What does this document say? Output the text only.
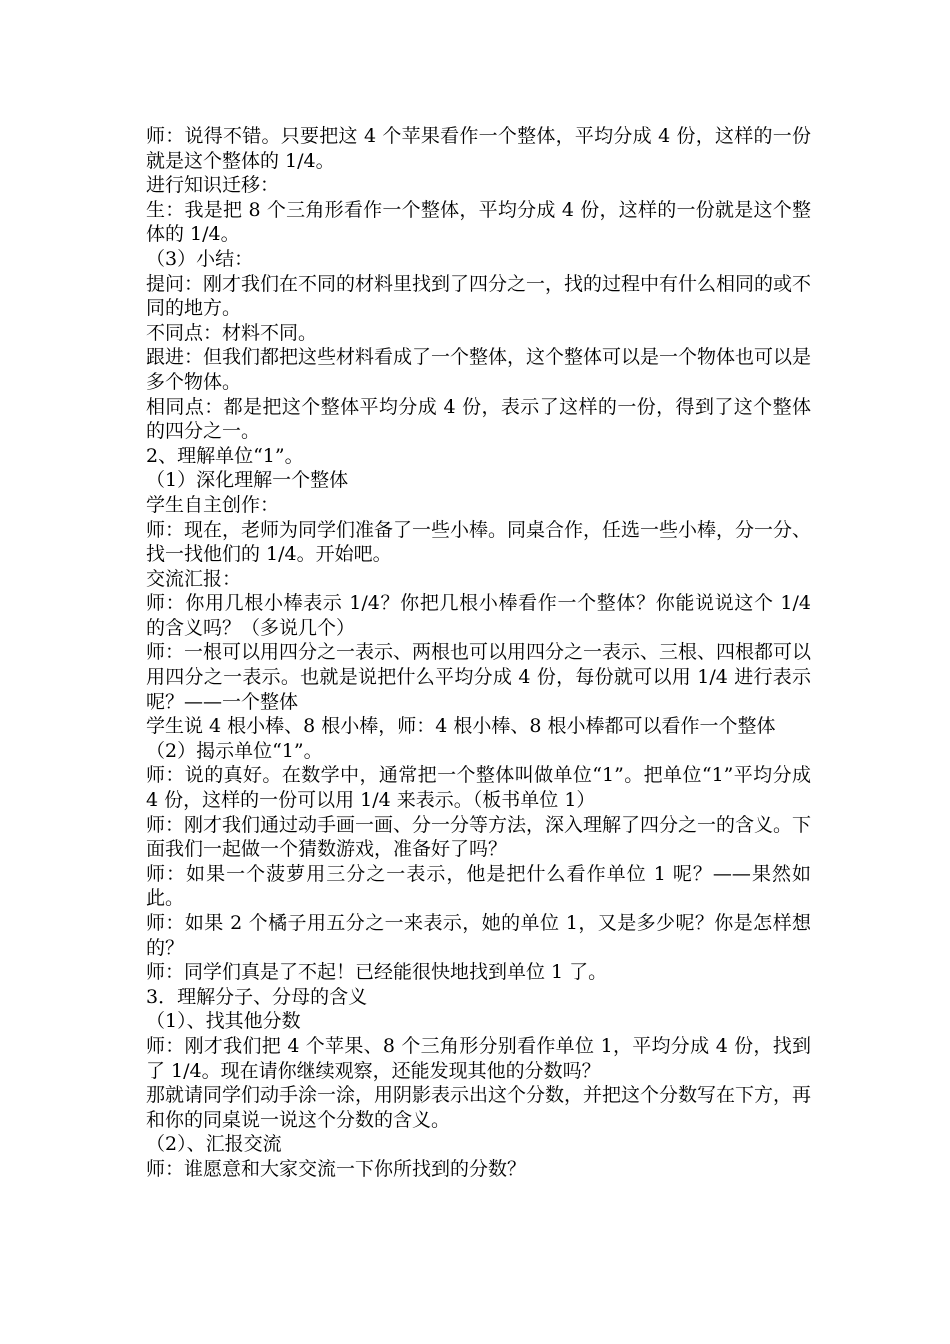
师：说得不错。只要把这 4 个苹果看作一个整体，平均分成 4 份，这样的一份就是这个整体的 1/4。

进行知识迁移：

生：我是把 8 个三角形看作一个整体，平均分成 4 份，这样的一份就是这个整体的 1/4。

（3）小结：

提问：刚才我们在不同的材料里找到了四分之一，找的过程中有什么相同的或不同的地方。

不同点：材料不同。

跟进：但我们都把这些材料看成了一个整体，这个整体可以是一个物体也可以是多个物体。

相同点：都是把这个整体平均分成 4 份，表示了这样的一份，得到了这个整体的四分之一。

2、理解单位“1”。

（1）深化理解一个整体

学生自主创作：

师：现在，老师为同学们准备了一些小棒。同桌合作，任选一些小棒，分一分、找一找他们的 1/4。开始吧。

交流汇报：

师：你用几根小棒表示 1/4？你把几根小棒看作一个整体？你能说说这个 1/4 的含义吗？（多说几个）

师：一根可以用四分之一表示、两根也可以用四分之一表示、三根、四根都可以用四分之一表示。也就是说把什么平均分成 4 份，每份就可以用 1/4 进行表示呢？——一个整体

学生说 4 根小棒、8 根小棒，师：4 根小棒、8 根小棒都可以看作一个整体

（2）揭示单位“1”。

师：说的真好。在数学中，通常把一个整体叫做单位“1”。把单位“1”平均分成 4 份，这样的一份可以用 1/4 来表示。（板书单位 1）

师：刚才我们通过动手画一画、分一分等方法，深入理解了四分之一的含义。下面我们一起做一个猜数游戏，准备好了吗？

师：如果一个菠萝用三分之一表示，他是把什么看作单位 1 呢？——果然如此。

师：如果 2 个橘子用五分之一来表示，她的单位 1，又是多少呢？你是怎样想的？

师：同学们真是了不起！已经能很快地找到单位 1 了。

3．理解分子、分母的含义

（1）、找其他分数

师：刚才我们把 4 个苹果、8 个三角形分别看作单位 1，平均分成 4 份，找到了 1/4。现在请你继续观察，还能发现其他的分数吗？

那就请同学们动手涂一涂，用阴影表示出这个分数，并把这个分数写在下方，再和你的同桌说一说这个分数的含义。

（2）、汇报交流

师：谁愿意和大家交流一下你所找到的分数？
